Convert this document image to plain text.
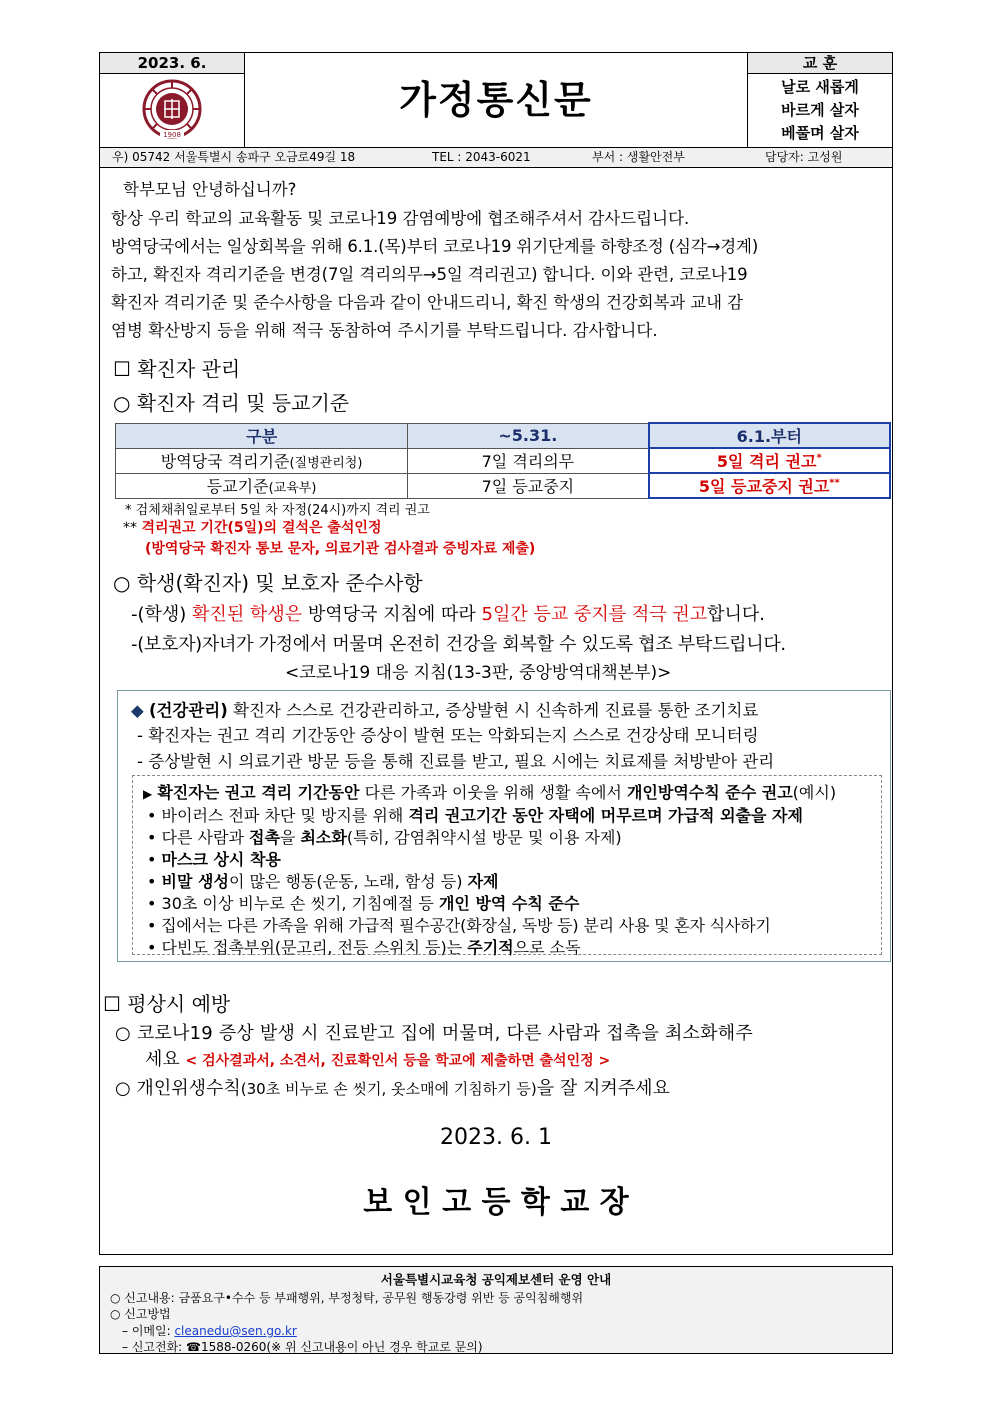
2023. 6.
1908
가정통신문
교 훈
날로 새롭게
바르게 살자
베풀며 살자
우) 05742 서울특별시 송파구 오금로49길 18	TEL : 2043-6021	부서 : 생활안전부	담당자: 고성원
학부모님 안녕하십니까?
항상 우리 학교의 교육활동 및 코로나19 감염예방에 협조해주셔서 감사드립니다.
방역당국에서는 일상회복을 위해 6.1.(목)부터 코로나19 위기단계를 하향조정 (심각→경계)
하고, 확진자 격리기준을 변경(7일 격리의무→5일 격리권고) 합니다. 이와 관련, 코로나19
확진자 격리기준 및 준수사항을 다음과 같이 안내드리니, 확진 학생의 건강회복과 교내 감
염병 확산방지 등을 위해 적극 동참하여 주시기를 부탁드립니다. 감사합니다.
☐ 확진자 관리
○ 확진자 격리 및 등교기준
구분	~5.31.	6.1.부터
방역당국 격리기준(질병관리청)	7일 격리의무	5일 격리 권고*
등교기준(교육부)	7일 등교중지	5일 등교중지 권고**
* 검체채취일로부터 5일 차 자정(24시)까지 격리 권고
** 격리권고 기간(5일)의 결석은 출석인정
(방역당국 확진자 통보 문자, 의료기관 검사결과 증빙자료 제출)
○ 학생(확진자) 및 보호자 준수사항
-(학생) 확진된 학생은 방역당국 지침에 따라 5일간 등교 중지를 적극 권고합니다.
-(보호자)자녀가 가정에서 머물며 온전히 건강을 회복할 수 있도록 협조 부탁드립니다.
<코로나19 대응 지침(13-3판, 중앙방역대책본부)>
◆ (건강관리) 확진자 스스로 건강관리하고, 증상발현 시 신속하게 진료를 통한 조기치료
- 확진자는 권고 격리 기간동안 증상이 발현 또는 악화되는지 스스로 건강상태 모니터링
- 증상발현 시 의료기관 방문 등을 통해 진료를 받고, 필요 시에는 치료제를 처방받아 관리
▶ 확진자는 권고 격리 기간동안 다른 가족과 이웃을 위해 생활 속에서 개인방역수칙 준수 권고(예시)
• 바이러스 전파 차단 및 방지를 위해 격리 권고기간 동안 자택에 머무르며 가급적 외출을 자제
• 다른 사람과 접촉을 최소화(특히, 감염취약시설 방문 및 이용 자제)
• 마스크 상시 착용
• 비말 생성이 많은 행동(운동, 노래, 함성 등) 자제
• 30초 이상 비누로 손 씻기, 기침예절 등 개인 방역 수칙 준수
• 집에서는 다른 가족을 위해 가급적 필수공간(화장실, 독방 등) 분리 사용 및 혼자 식사하기
• 다빈도 접촉부위(문고리, 전등 스위치 등)는 주기적으로 소독
☐ 평상시 예방
○ 코로나19 증상 발생 시 진료받고 집에 머물며, 다른 사람과 접촉을 최소화해주
세요 < 검사결과서, 소견서, 진료확인서 등을 학교에 제출하면 출석인정 >
○ 개인위생수칙(30초 비누로 손 씻기, 옷소매에 기침하기 등)을 잘 지켜주세요
2023. 6. 1
보 인 고 등 학 교 장
서울특별시교육청 공익제보센터 운영 안내
○ 신고내용: 금품요구•수수 등 부패행위, 부정청탁, 공무원 행동강령 위반 등 공익침해행위
○ 신고방법
– 이메일: cleanedu@sen.go.kr
– 신고전화: ☎1588-0260(※ 위 신고내용이 아닌 경우 학교로 문의)
